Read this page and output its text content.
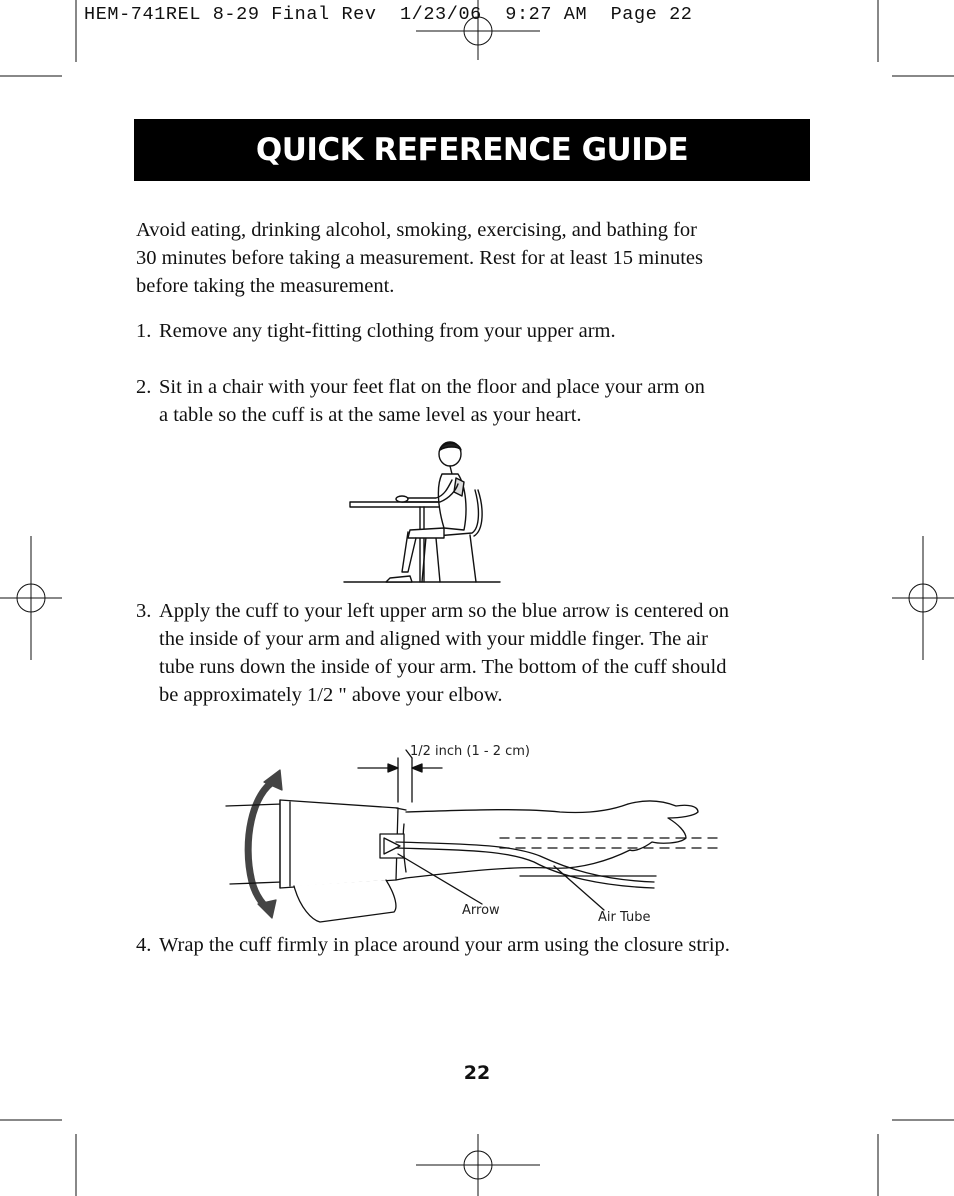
HEM-741REL 8-29 Final Rev  1/23/06  9:27 AM  Page 22
QUICK REFERENCE GUIDE

Avoid eating, drinking alcohol, smoking, exercising, and bathing for
30 minutes before taking a measurement. Rest for at least 15 minutes
before taking the measurement.

1. Remove any tight-fitting clothing from your upper arm.
2. Sit in a chair with your feet flat on the floor and place your arm on
a table so the cuff is at the same level as your heart.
3. Apply the cuff to your left upper arm so the blue arrow is centered on
the inside of your arm and aligned with your middle finger. The air
tube runs down the inside of your arm. The bottom of the cuff should
be approximately 1/2 " above your elbow.
1/2 inch (1 - 2 cm)
Arrow	Air Tube
4. Wrap the cuff firmly in place around your arm using the closure strip.
22
